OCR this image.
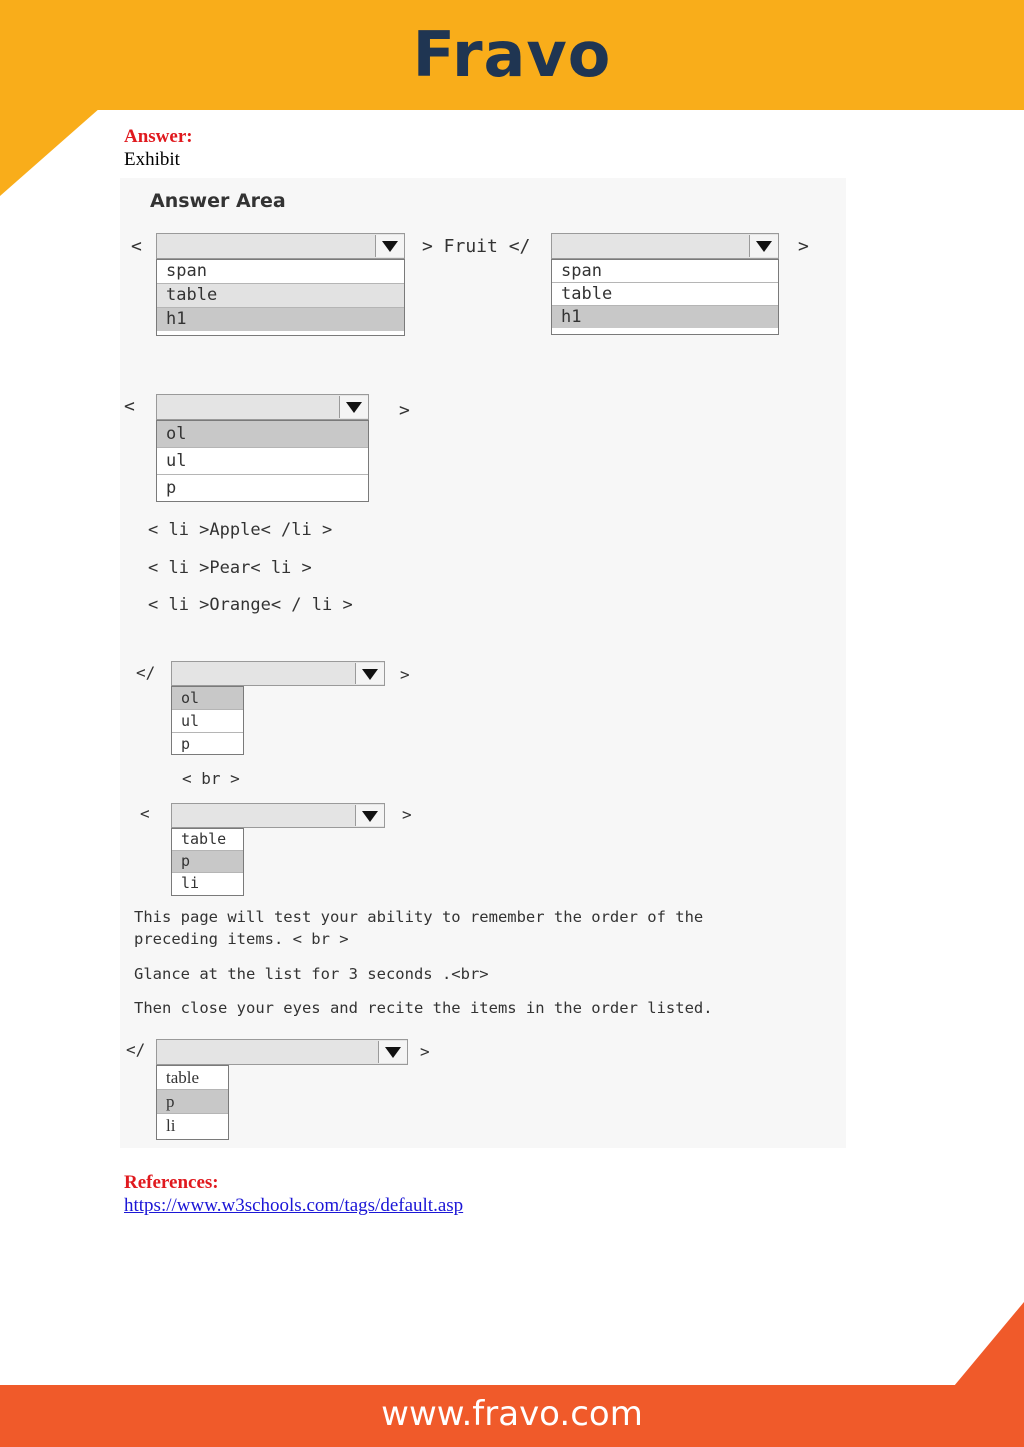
Fravo
Answer:
Exhibit
Answer Area
<
span
table
h1
> Fruit </
span
table
h1
>
<	>
ol
ul
p
< li >Apple< /li >
< li >Pear< li >
< li >Orange< / li >
</	>
ol
ul
p
< br >
<	>
table
p
li
This page will test your ability to remember the order of the
preceding items. < br >
Glance at the list for 3 seconds .<br>
Then close your eyes and recite the items in the order listed.
</	>
table
p
li
References:
https://www.w3schools.com/tags/default.asp
www.fravo.com
